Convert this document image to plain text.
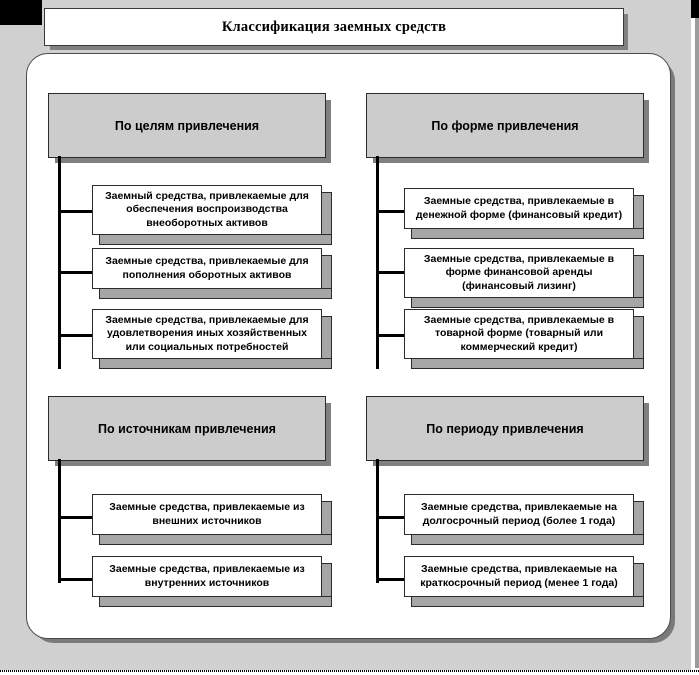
Классификация заемных средств
По целям привлечения
Заемный средства, привлекаемые для обеспечения воспроизводства внеоборотных активов
Заемные средства, привлекаемые для пополнения оборотных активов
Заемные средства, привлекаемые для удовлетворения иных хозяйственных или социальных потребностей
По форме привлечения
Заемные средства, привлекаемые в денежной форме (финансовый кредит)
Заемные средства, привлекаемые в форме финансовой аренды (финансовый лизинг)
Заемные средства, привлекаемые в товарной форме (товарный или коммерческий кредит)
По источникам привлечения
Заемные средства, привлекаемые из внешних источников
Заемные средства, привлекаемые из внутренних источников
По периоду привлечения
Заемные средства, привлекаемые на долгосрочный период (более 1 года)
Заемные средства, привлекаемые на краткосрочный период (менее 1 года)
